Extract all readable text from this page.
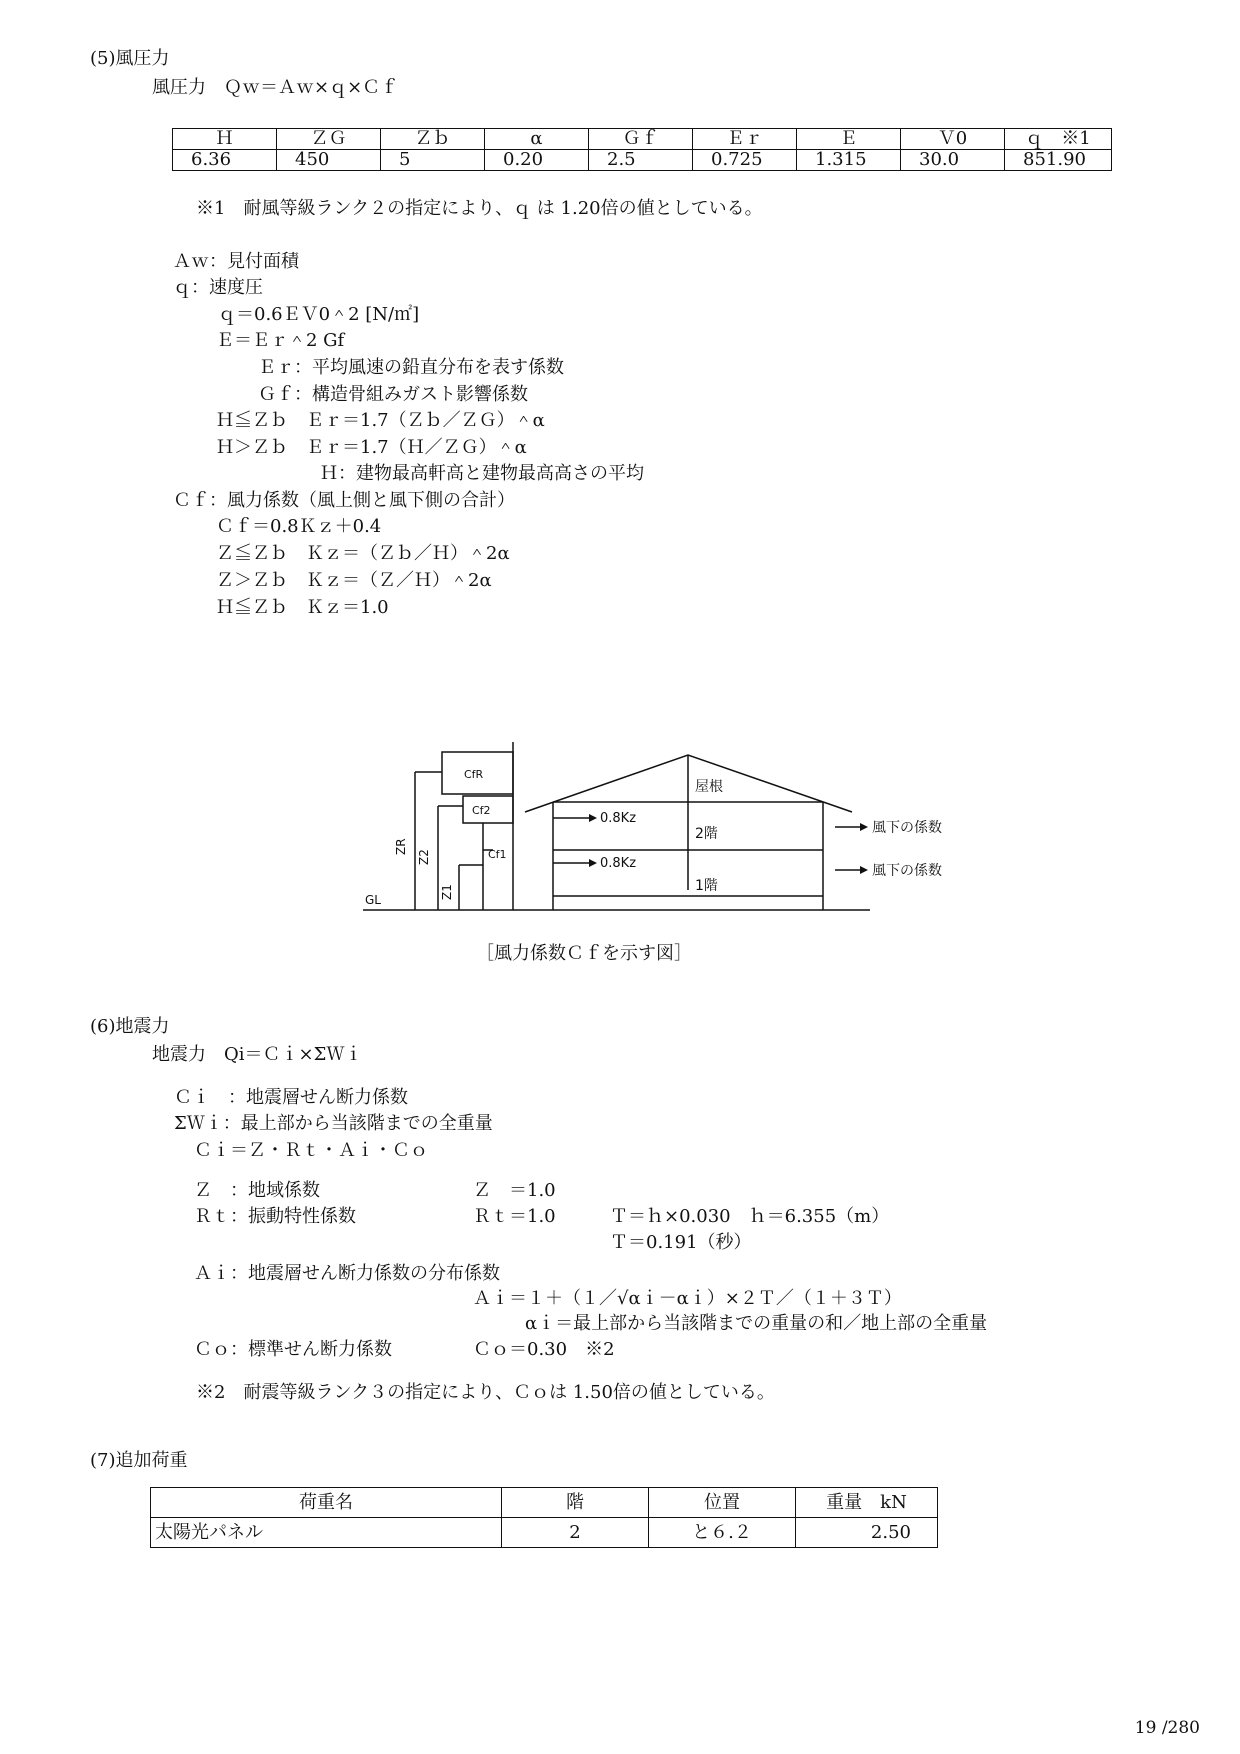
(5)風圧力
風圧力　Ｑｗ＝Ａｗ×ｑ×Ｃｆ
Ｈ	ＺＧ	Ｚｂ	α	Ｇｆ	Ｅｒ	Ｅ	Ｖ0	ｑ　※1
6.36	450	5	0.20	2.5	0.725	1.315	30.0	851.90
※1　耐風等級ランク２の指定により、ｑ は 1.20倍の値としている。
Ａｗ：見付面積
ｑ：速度圧
ｑ＝0.6ＥＶ0＾2 [N/㎡]
Ｅ＝Ｅｒ＾2 Gf
Ｅｒ：平均風速の鉛直分布を表す係数
Ｇｆ：構造骨組みガスト影響係数
Ｈ≦Ｚｂ　Ｅｒ＝1.7（Ｚｂ／ＺＧ）＾α
Ｈ＞Ｚｂ　Ｅｒ＝1.7（Ｈ／ＺＧ）＾α
Ｈ：建物最高軒高と建物最高高さの平均
Ｃｆ：風力係数（風上側と風下側の合計）
Ｃｆ＝0.8Ｋｚ＋0.4
Ｚ≦Ｚｂ　Ｋｚ＝（Ｚｂ／Ｈ）＾2α
Ｚ＞Ｚｂ　Ｋｚ＝（Ｚ／Ｈ）＾2α
Ｈ≦Ｚｂ　Ｋｚ＝1.0
CfR
Cf2
Cf1
ZR
Z2
Z1
GL
0.8Kz
0.8Kz
屋根
2階
1階
風下の係数
風下の係数
［風力係数Ｃｆを示す図］
(6)地震力
地震力　Qi＝Ｃｉ×ΣＷｉ
Ｃｉ　：地震層せん断力係数
ΣＷｉ：最上部から当該階までの全重量
Ｃｉ＝Ｚ・Ｒｔ・Ａｉ・Ｃｏ
Ｚ　：地域係数	Ｚ　＝1.0
Ｒｔ：振動特性係数	Ｒｔ＝1.0	Ｔ＝ｈ×0.030　ｈ＝6.355（m）
Ｔ＝0.191（秒）
Ａｉ：地震層せん断力係数の分布係数
Ａｉ＝１＋（１／√αｉ－αｉ）×２Ｔ／（１＋３Ｔ）
αｉ＝最上部から当該階までの重量の和／地上部の全重量
Ｃｏ：標準せん断力係数	Ｃｏ＝0.30　※2
※2　耐震等級ランク３の指定により、Ｃｏは 1.50倍の値としている。
(7)追加荷重
荷重名	階	位置	重量　kN
太陽光パネル	2	と６.２	2.50
19 /280
